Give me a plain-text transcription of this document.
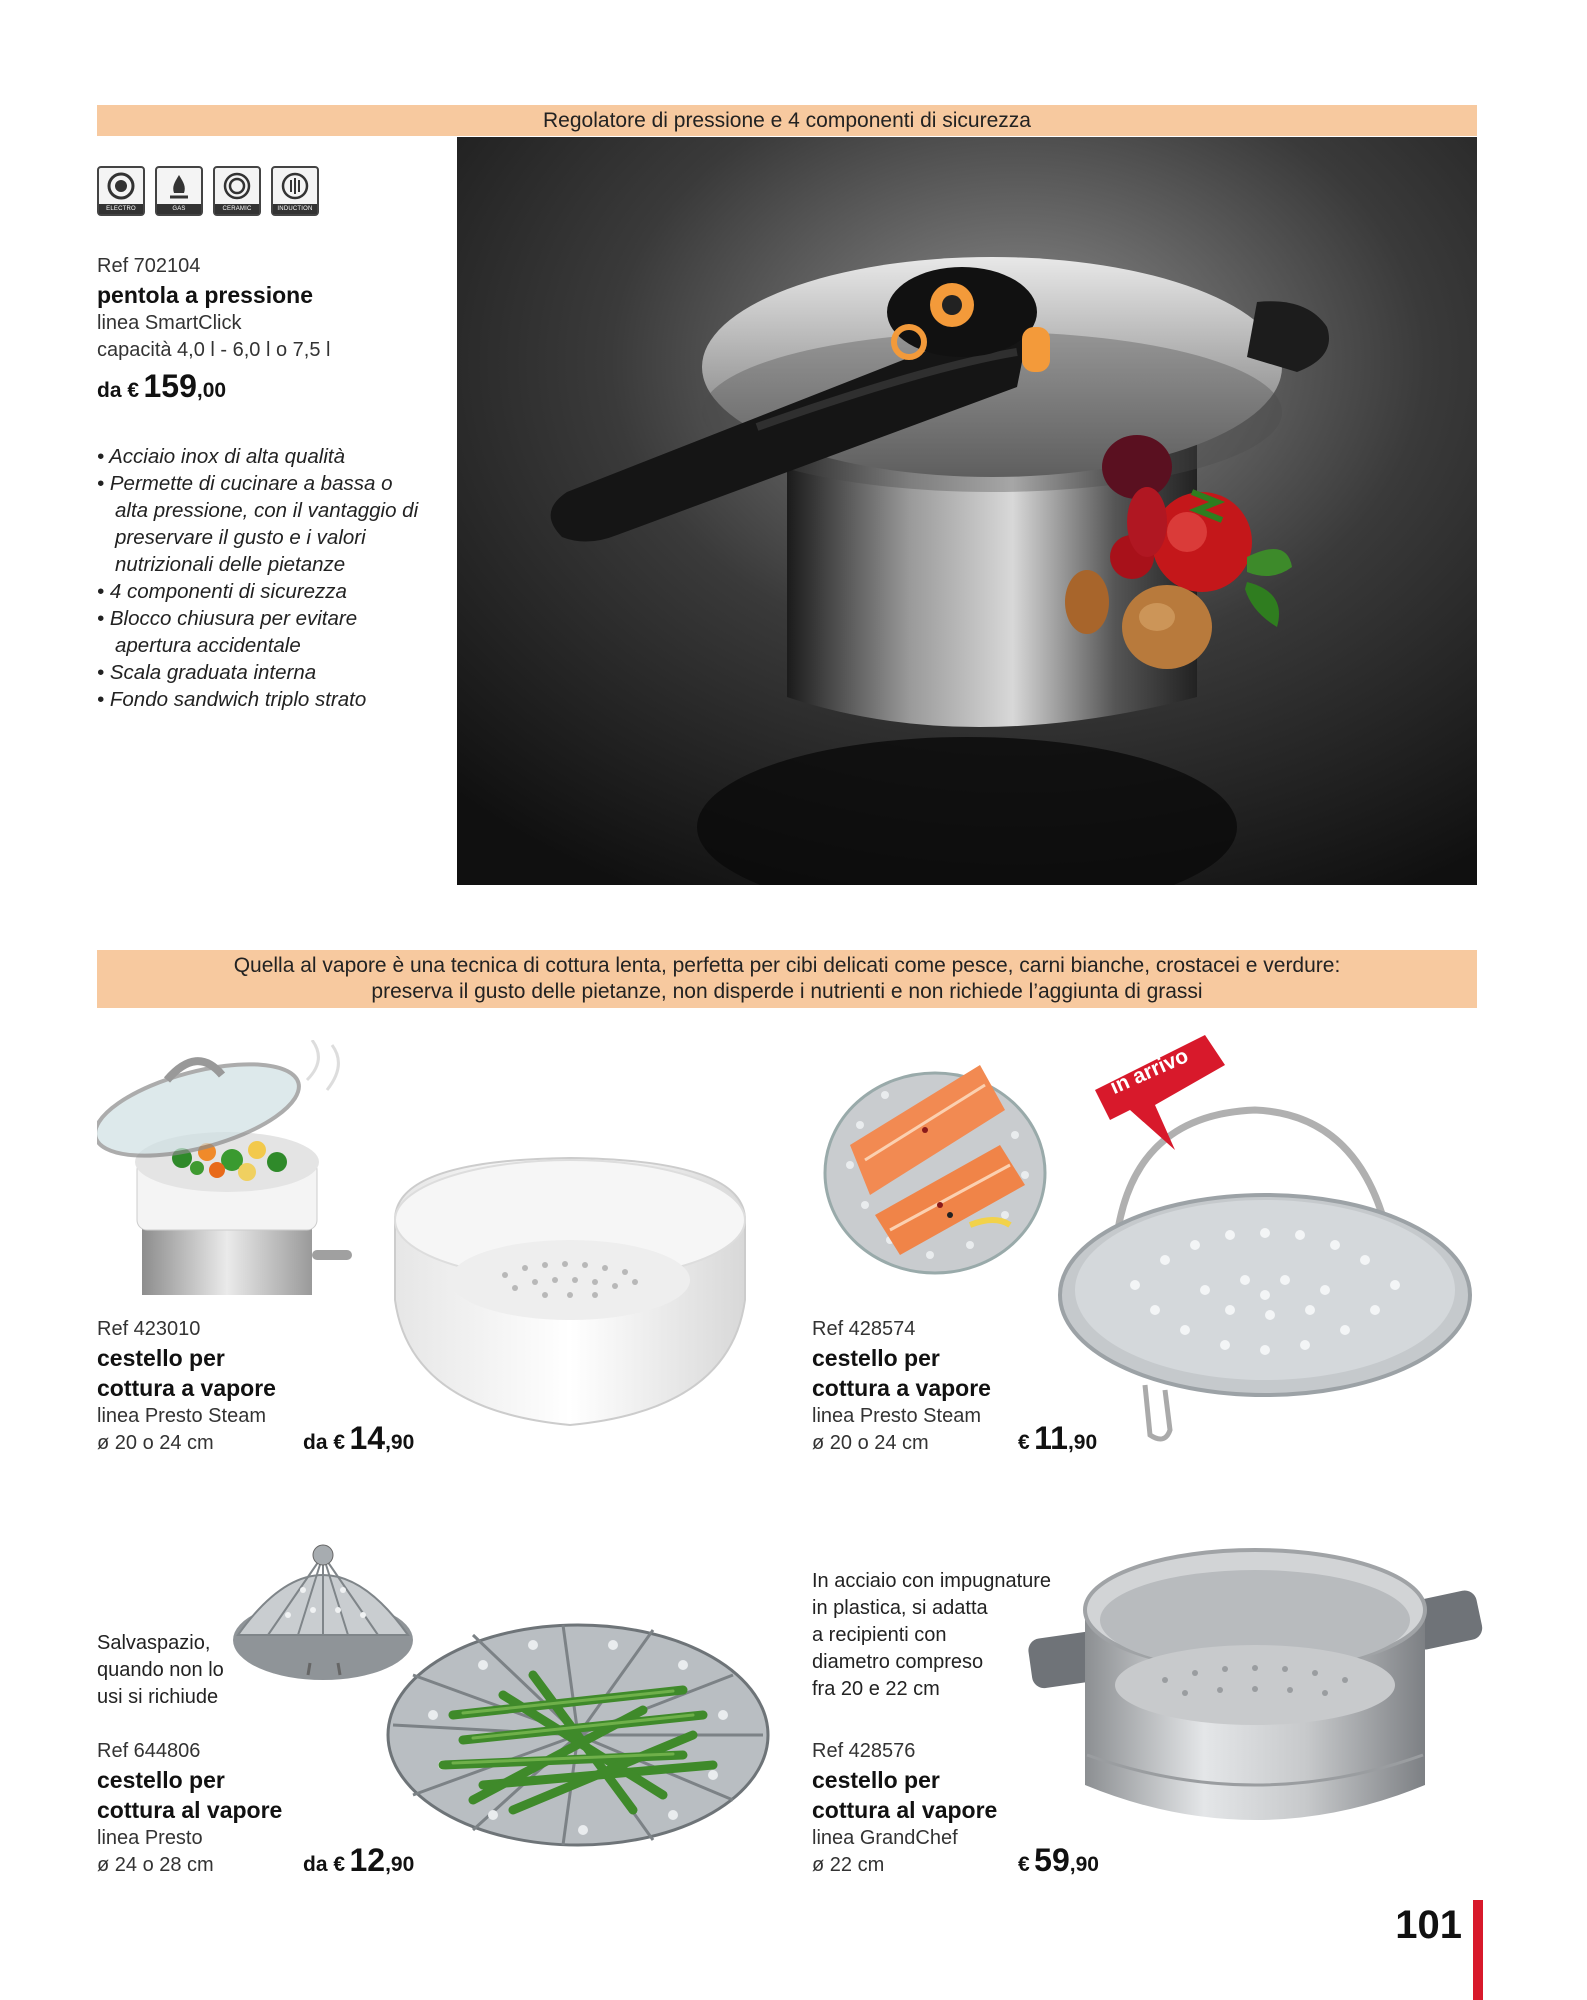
Regolatore di pressione e 4 componenti di sicurezza
ELECTRO	GAS	CERAMIC	INDUCTION
Ref 702104
pentola a pressione
linea SmartClick
capacità 4,0 l - 6,0 l o 7,5 l
da € 159,00
• Acciaio inox di alta qualità
• Permette di cucinare a bassa o alta pressione, con il vantaggio di preservare il gusto e i valori nutrizionali delle pietanze
• 4 componenti di sicurezza
• Blocco chiusura per evitare apertura accidentale
• Scala graduata interna
• Fondo sandwich triplo strato
Quella al vapore è una tecnica di cottura lenta, perfetta per cibi delicati come pesce, carni bianche, crostacei e verdure:
preserva il gusto delle pietanze, non disperde i nutrienti e non richiede l’aggiunta di grassi
Ref 423010
cestello per
cottura a vapore
linea Presto Steam
ø 20 o 24 cm	da € 14,90
in arrivo
Ref 428574
cestello per
cottura a vapore
linea Presto Steam
ø 20 o 24 cm	€ 11,90
Salvaspazio,
quando non lo
usi si richiude
Ref 644806
cestello per
cottura al vapore
linea Presto
ø 24 o 28 cm	da € 12,90
In acciaio con impugnature
in plastica, si adatta
a recipienti con
diametro compreso
fra 20 e 22 cm
Ref 428576
cestello per
cottura al vapore
linea GrandChef
ø 22 cm	€ 59,90
101
